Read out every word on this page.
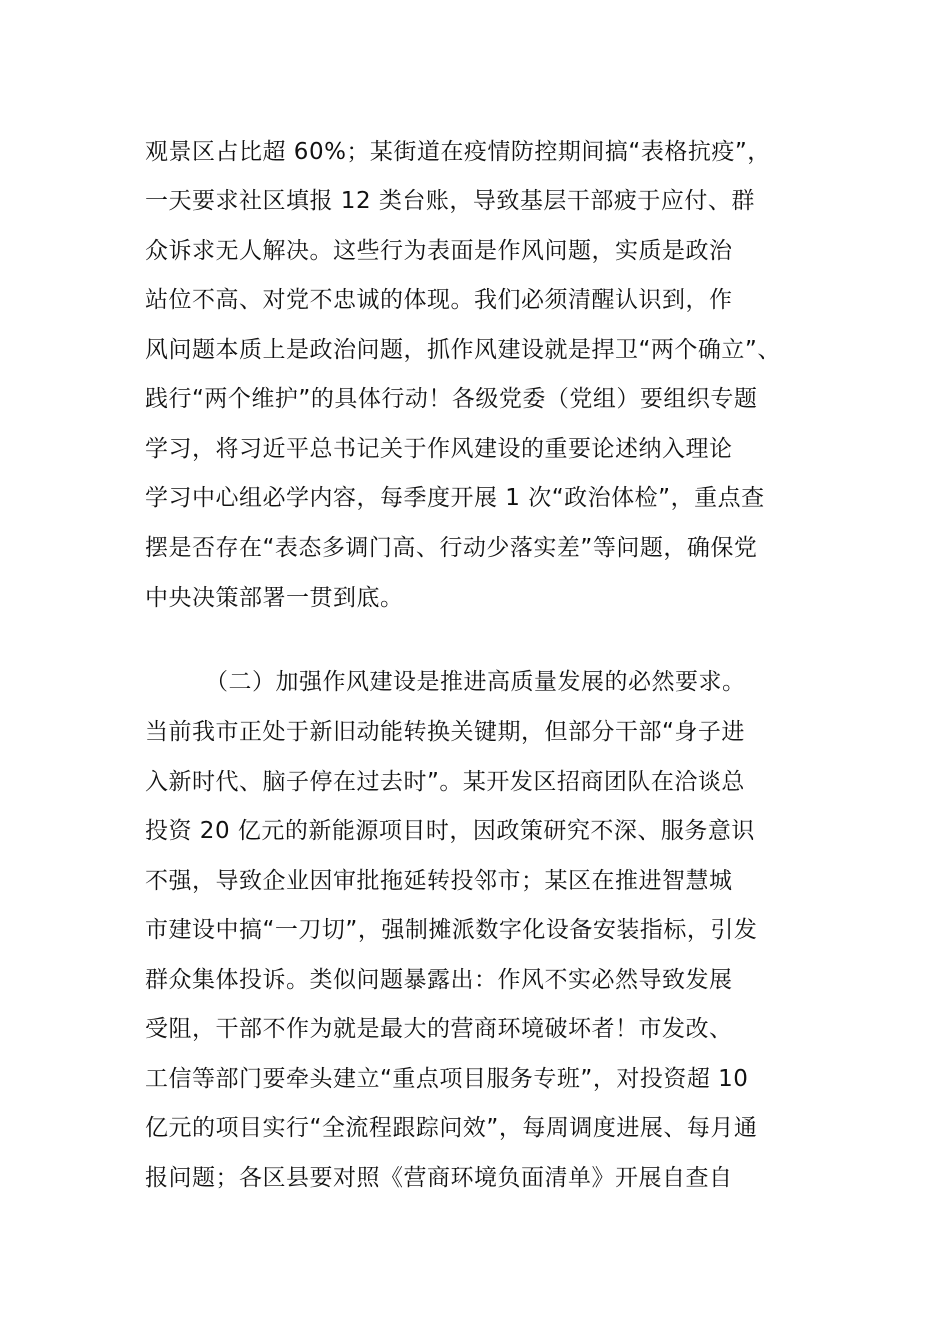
观景区占比超 60%；某街道在疫情防控期间搞“表格抗疫”，
一天要求社区填报 12 类台账，导致基层干部疲于应付、群
众诉求无人解决。这些行为表面是作风问题，实质是政治
站位不高、对党不忠诚的体现。我们必须清醒认识到，作
风问题本质上是政治问题，抓作风建设就是捍卫“两个确立”、
践行“两个维护”的具体行动！各级党委（党组）要组织专题
学习，将习近平总书记关于作风建设的重要论述纳入理论
学习中心组必学内容，每季度开展 1 次“政治体检”，重点查
摆是否存在“表态多调门高、行动少落实差”等问题，确保党
中央决策部署一贯到底。
（二）加强作风建设是推进高质量发展的必然要求。
当前我市正处于新旧动能转换关键期，但部分干部“身子进
入新时代、脑子停在过去时”。某开发区招商团队在洽谈总
投资 20 亿元的新能源项目时，因政策研究不深、服务意识
不强，导致企业因审批拖延转投邻市；某区在推进智慧城
市建设中搞“一刀切”，强制摊派数字化设备安装指标，引发
群众集体投诉。类似问题暴露出：作风不实必然导致发展
受阻，干部不作为就是最大的营商环境破坏者！市发改、
工信等部门要牵头建立“重点项目服务专班”，对投资超 10
亿元的项目实行“全流程跟踪问效”，每周调度进展、每月通
报问题；各区县要对照《营商环境负面清单》开展自查自
